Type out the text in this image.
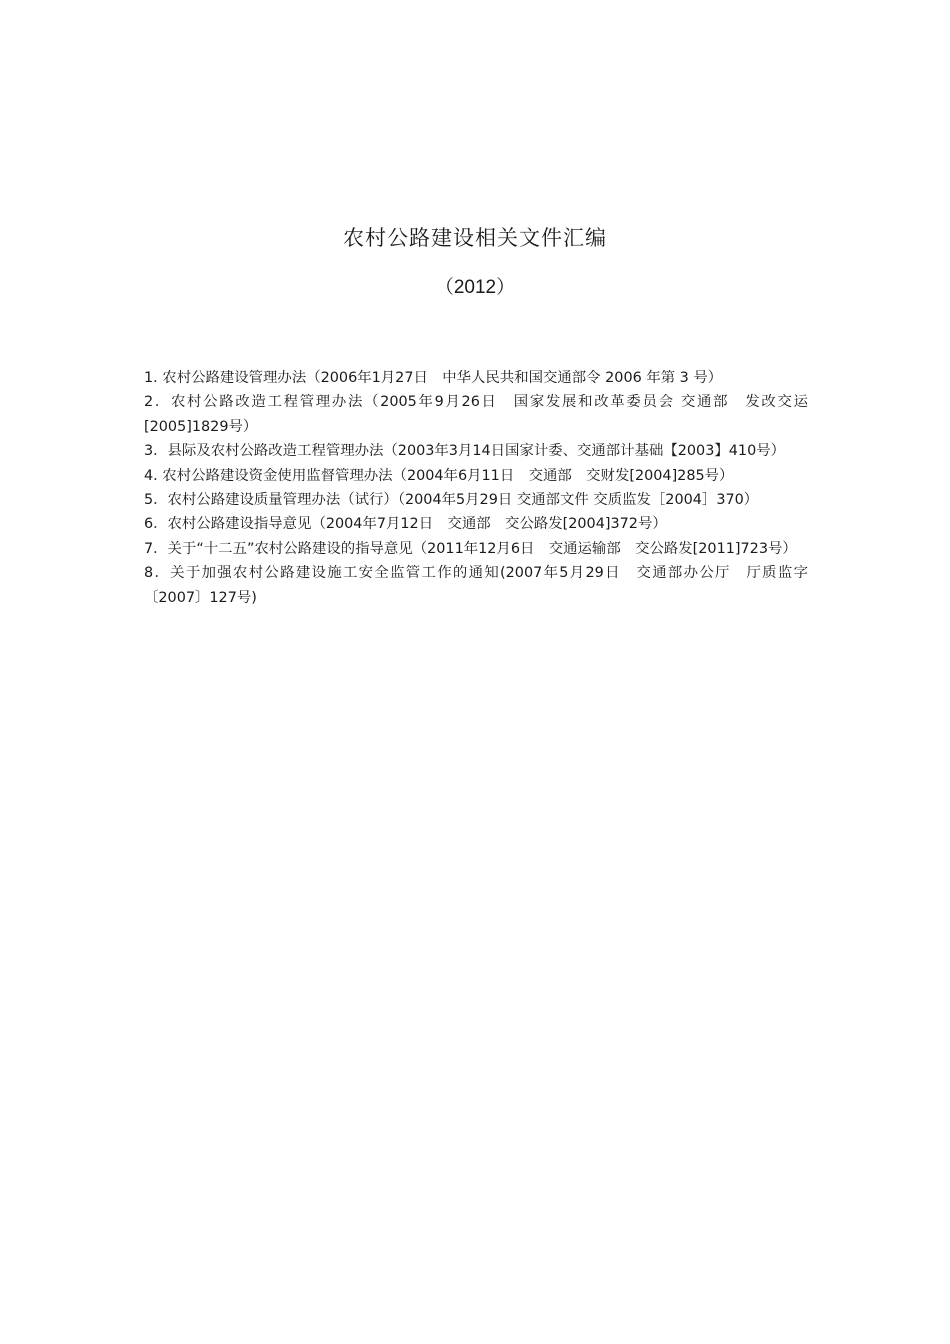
农村公路建设相关文件汇编
（2012）
1. 农村公路建设管理办法（2006年1月27日　中华人民共和国交通部令 2006 年第 3 号）
2．农村公路改造工程管理办法（2005年9月26日　国家发展和改革委员会 交通部　发改交运[2005]1829号）
3．县际及农村公路改造工程管理办法（2003年3月14日国家计委、交通部计基础【2003】410号）
4. 农村公路建设资金使用监督管理办法（2004年6月11日　交通部　交财发[2004]285号）
5．农村公路建设质量管理办法（试行）（2004年5月29日 交通部文件 交质监发［2004］370）
6．农村公路建设指导意见（2004年7月12日　交通部　交公路发[2004]372号）
7．关于“十二五”农村公路建设的指导意见（2011年12月6日　交通运输部　交公路发[2011]723号）
8．关于加强农村公路建设施工安全监管工作的通知(2007年5月29日　交通部办公厅　厅质监字〔2007〕127号)
